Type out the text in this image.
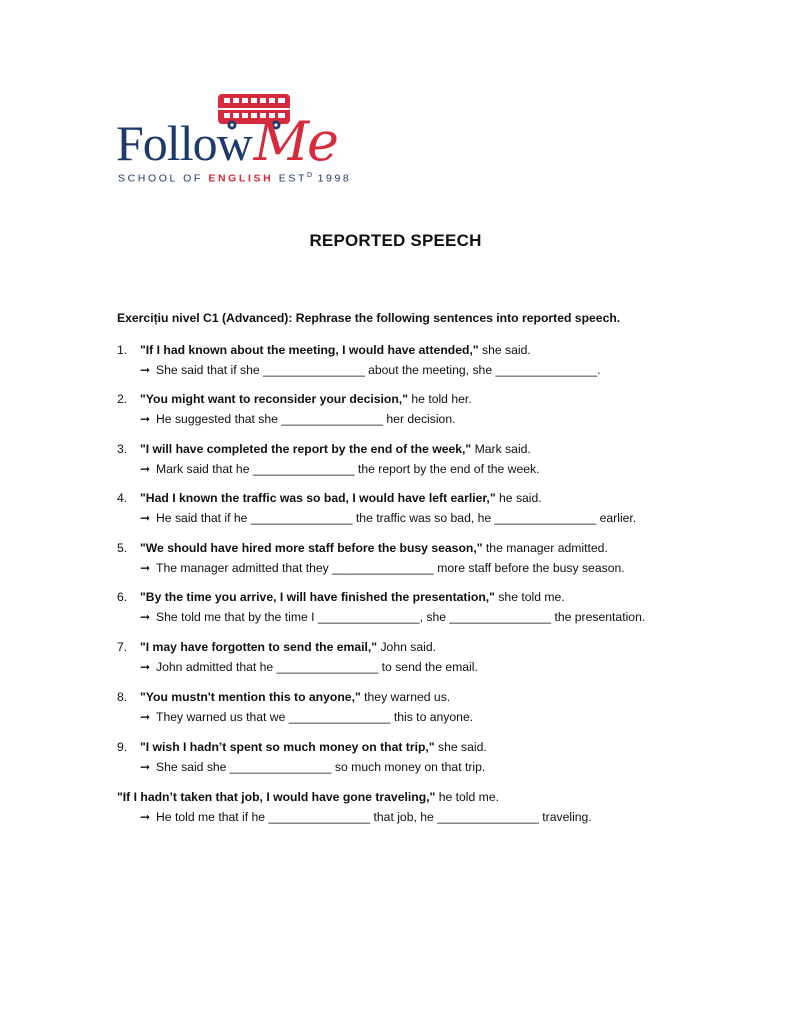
FollowMe
SCHOOL OF ENGLISH $EST^D$ 1998
REPORTED SPEECH
Exercițiu nivel C1 (Advanced): Rephrase the following sentences into reported speech.
1. "If I had known about the meeting, I would have attended," she said.
➞ She said that if she _______________ about the meeting, she _______________.
2. "You might want to reconsider your decision," he told her.
➞ He suggested that she _______________ her decision.
3. "I will have completed the report by the end of the week," Mark said.
➞ Mark said that he _______________ the report by the end of the week.
4. "Had I known the traffic was so bad, I would have left earlier," he said.
➞ He said that if he _______________ the traffic was so bad, he _______________ earlier.
5. "We should have hired more staff before the busy season," the manager admitted.
➞ The manager admitted that they _______________ more staff before the busy season.
6. "By the time you arrive, I will have finished the presentation," she told me.
➞ She told me that by the time I _______________, she _______________ the presentation.
7. "I may have forgotten to send the email," John said.
➞ John admitted that he _______________ to send the email.
8. "You mustn't mention this to anyone," they warned us.
➞ They warned us that we _______________ this to anyone.
9. "I wish I hadn’t spent so much money on that trip," she said.
➞ She said she _______________ so much money on that trip.
"If I hadn’t taken that job, I would have gone traveling," he told me.
➞ He told me that if he _______________ that job, he _______________ traveling.
